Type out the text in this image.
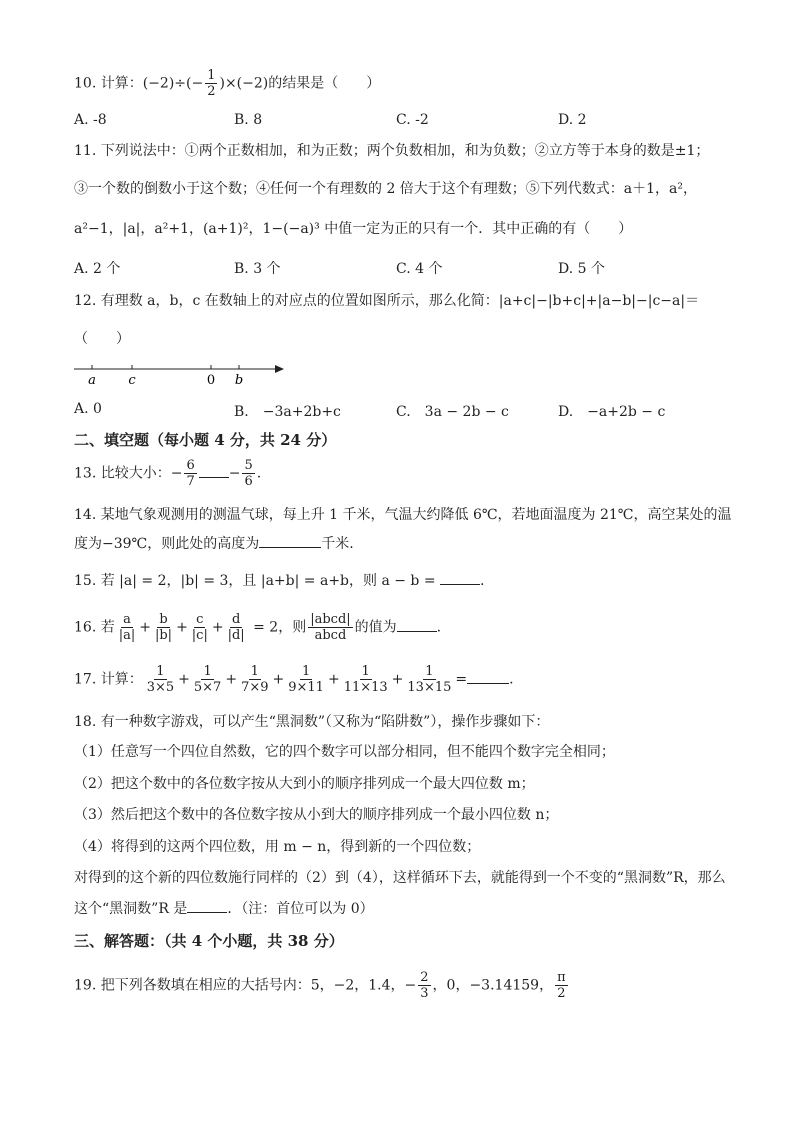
10. 计算：$(-2)\div(- \frac{1}{2} )\times(-2)$的结果是（　　）
A. -8	B. 8	C. -2	D. 2
11. 下列说法中：①两个正数相加，和为正数；两个负数相加，和为负数；②立方等于本身的数是±1；
③一个数的倒数小于这个数；④任何一个有理数的 2 倍大于这个有理数；⑤下列代数式：a＋1，a²，
a²−1，|a|，a²+1，(a+1)²，1−(−a)³ 中值一定为正的只有一个．其中正确的有（　　）
A. 2 个	B. 3 个	C. 4 个	D. 5 个
12. 有理数 a，b，c 在数轴上的对应点的位置如图所示，那么化简：|a+c|−|b+c|+|a−b|−|c−a|＝
（　　）
a c	0 b
A. 0	B.　−3a+2b+c	C.　3a − 2b − c	D.　−a+2b − c
二、填空题（每小题 4 分，共 24 分）
13. 比较大小：− $\frac{6}{7} - \frac{5}{6}$ .
14. 某地气象观测用的测温气球，每上升 1 千米，气温大约降低 6℃，若地面温度为 21℃，高空某处的温
度为−39℃，则此处的高度为	千米.
15. 若 |a| = 2，|b| = 3，且 |a+b| = a+b，则 a − b =	.
16. 若 $\frac{a}{|a|} + \frac{b}{|b|} + \frac{c}{|c|} + \frac{d}{|d|} = 2$，则 $\frac{\text{|abcd|}}{\text{abcd}}$ 的值为	.
17. 计算： $\frac{1}{3\times 5} + \frac{1}{5\times 7} + \frac{1}{7\times 9} + \frac{1}{9\times 11} + \frac{1}{11\times 13} + \frac{1}{13\times 15}$ =	.
18. 有一种数字游戏，可以产生“黑洞数”（又称为“陷阱数”），操作步骤如下：
（1）任意写一个四位自然数，它的四个数字可以部分相同，但不能四个数字完全相同；
（2）把这个数中的各位数字按从大到小的顺序排列成一个最大四位数 m；
（3）然后把这个数中的各位数字按从小到大的顺序排列成一个最小四位数 n；
（4）将得到的这两个四位数，用 m − n，得到新的一个四位数；
对得到的这个新的四位数施行同样的（2）到（4），这样循环下去，就能得到一个不变的“黑洞数”R，那么
这个“黑洞数”R 是	．（注：首位可以为 0）
三、解答题：（共 4 个小题，共 38 分）
19. 把下列各数填在相应的大括号内：5，−2，1.4，− $\frac{2}{3}$ ，0，−3.14159， $\frac{\pi}{2}$
